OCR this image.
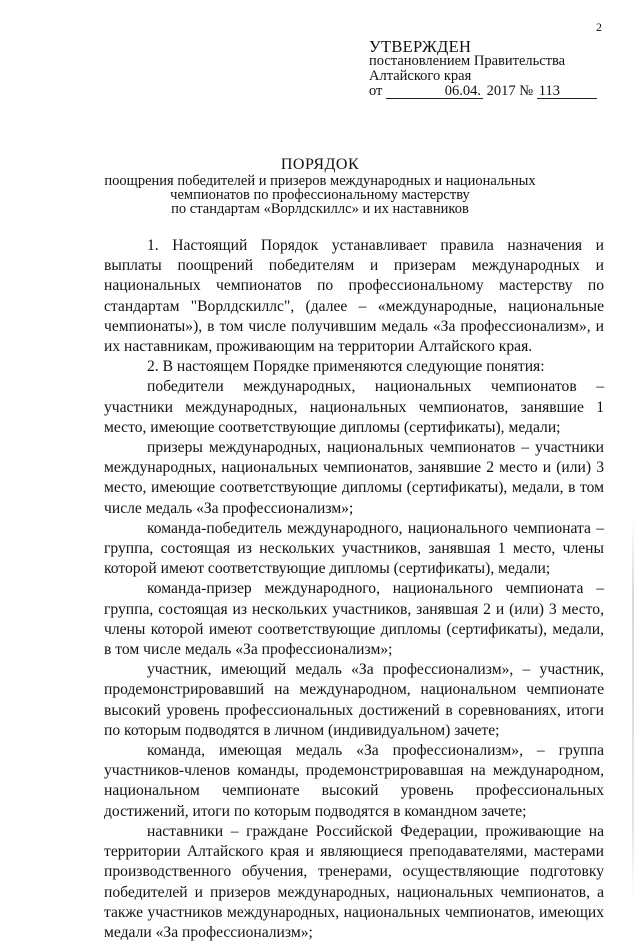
2
УТВЕРЖДЕН
постановлением Правительства
Алтайского края
от	06.04. 2017 № 113
ПОРЯДОК
поощрения победителей и призеров международных и национальных
чемпионатов по профессиональному мастерству
по стандартам «Ворлдскиллс» и их наставников

1. Настоящий Порядок устанавливает правила назначения и выплаты поощрений победителям и призерам международных и национальных чемпионатов по профессиональному мастерству по стандартам "Ворлдскиллс", (далее – «международные, национальные чемпионаты»), в том числе получившим медаль «За профессионализм», и их наставникам, проживающим на территории Алтайского края.

2. В настоящем Порядке применяются следующие понятия:

победители международных, национальных чемпионатов – участники международных, национальных чемпионатов, занявшие 1 место, имеющие соответствующие дипломы (сертификаты), медали;

призеры международных, национальных чемпионатов – участники международных, национальных чемпионатов, занявшие 2 место и (или) 3 место, имеющие соответствующие дипломы (сертификаты), медали, в том числе медаль «За профессионализм»;

команда-победитель международного, национального чемпионата – группа, состоящая из нескольких участников, занявшая 1 место, члены которой имеют соответствующие дипломы (сертификаты), медали;

команда-призер международного, национального чемпионата – группа, состоящая из нескольких участников, занявшая 2 и (или) 3 место, члены которой имеют соответствующие дипломы (сертификаты), медали, в том числе медаль «За профессионализм»;

участник, имеющий медаль «За профессионализм», – участник, продемонстрировавший на международном, национальном чемпионате высокий уровень профессиональных достижений в соревнованиях, итоги по которым подводятся в личном (индивидуальном) зачете;

команда, имеющая медаль «За профессионализм», – группа участников-членов команды, продемонстрировавшая на международном, национальном чемпионате высокий уровень профессиональных достижений, итоги по которым подводятся в командном зачете;

наставники – граждане Российской Федерации, проживающие на территории Алтайского края и являющиеся преподавателями, мастерами производственного обучения, тренерами, осуществляющие подготовку победителей и призеров международных, национальных чемпионатов, а также участников международных, национальных чемпионатов, имеющих медали «За профессионализм»;
